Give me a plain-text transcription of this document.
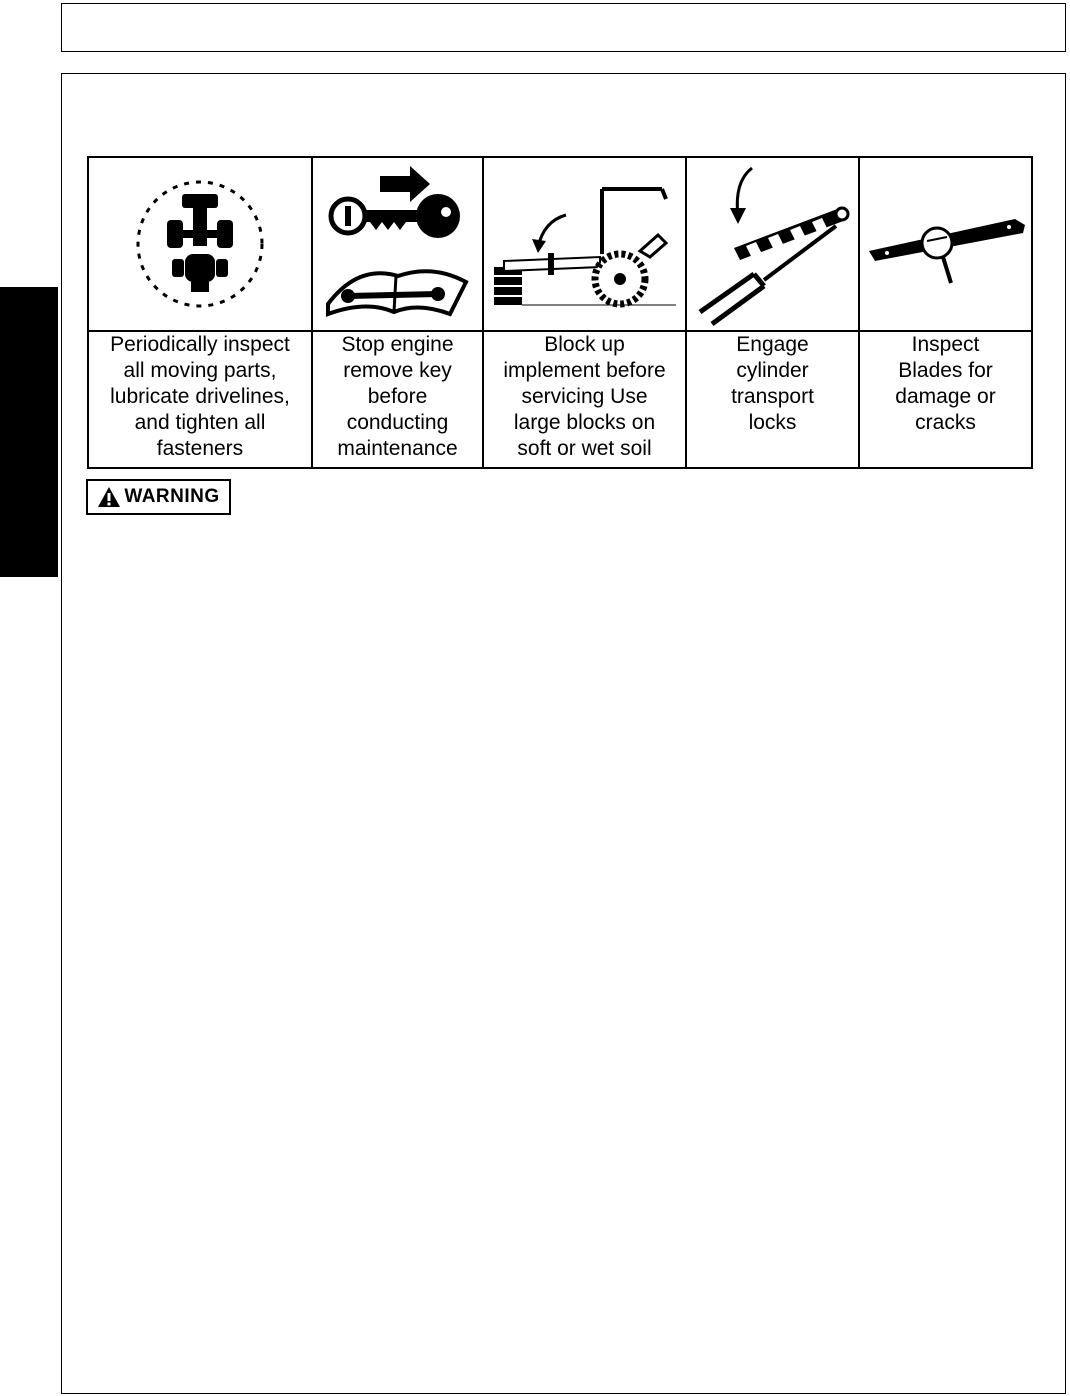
Periodically inspect
all moving parts,
lubricate drivelines,
and tighten all
fasteners
Stop engine
remove key
before
conducting
maintenance
Block up
implement before
servicing Use
large blocks on
soft or wet soil
Engage
cylinder
transport
locks
Inspect
Blades for
damage or
cracks
WARNING
